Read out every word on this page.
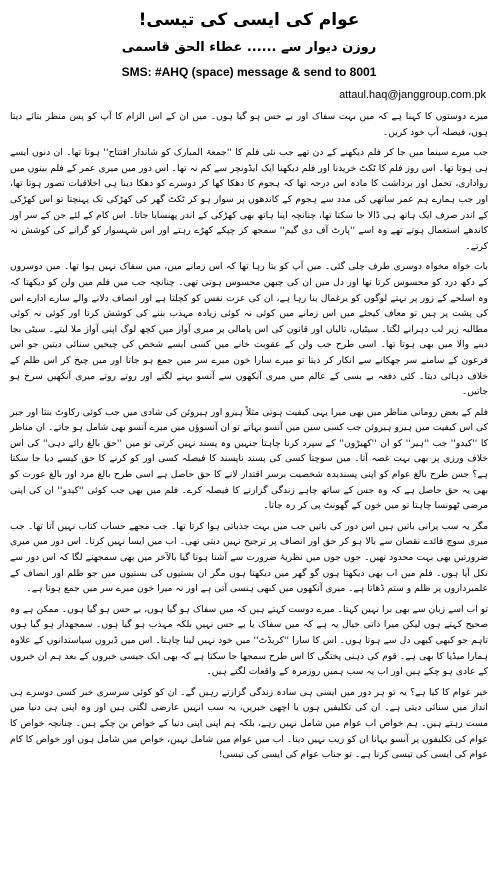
عوام کی ایسی کی تیسی!
روزن دیوار سے ...... عطاء الحق قاسمی
SMS: #AHQ (space) message & send to 8001
attaul.haq@janggroup.com.pk

میرے دوستوں کا کہنا ہے کہ میں بہت سفاک اور بے حس ہو گیا ہوں۔ میں ان کے اس الزام کا آپ کو پس منظر بتائے دیتا ہوں، فیصلہ آپ خود کریں۔

جب میرے سینما میں جا کر فلم دیکھنے کے دن تھے جب نئی فلم کا ''جمعۃ المبارک کو شاندار افتتاح'' ہوتا تھا۔ ان دنوں ایسے ہی ہوتا تھا۔ اس روز فلم کا ٹکٹ خریدنا اور فلم دیکھنا ایک ایڈونچر سے کم نہ تھا۔ اس دور میں میری عمر کے فلم بینوں میں رواداری، تحمل اور برداشت کا مادہ اس درجہ تھا کہ ہجوم کا دھکا کھا کر دوسرے کو دھکا دینا ہی اخلاقیات تصور ہوتا تھا، اور جب ہمارے ہم عمر ساتھی کی مدد سے ہجوم کے کاندھوں پر سوار ہو کر ٹکٹ گھر کی کھڑکی تک پہنچتا تو اس کھڑکی کے اندر صرف ایک ہاتھ ہی ڈالا جا سکتا تھا، چنانچہ اپنا ہاتھ بھی کھڑکی کے اندر پھنسایا جاتا۔ اس کام کے لئے جن کے سر اور کاندھے استعمال ہوتے تھے وہ اسے ''پارٹ آف دی گیم'' سمجھ کر چپکے کھڑے رہتے اور اس شہسوار کو گرانے کی کوشش نہ کرتے۔

بات خواہ مخواہ دوسری طرف چلی گئی۔ میں آپ کو بتا رہا تھا کہ اس زمانے میں، میں سفاک نہیں ہوا تھا۔ میں دوسروں کے دکھ درد کو محسوس کرتا تھا اور دل میں ان کی چبھن محسوس ہوتی تھی۔ چنانچہ جب میں فلم میں ولن کو دیکھتا کہ وہ اسلحے کے زور پر نہتے لوگوں کو یرغمال بنا رہا ہے، ان کی عزت نفس کو کچلتا ہے اور انصاف دلانے والے سارے ادارے اس کی پشت پر ہیں تو معاف کیجئے میں اس زمانے میں کوئی نہ کوئی زیادہ مہذب بننے کی کوشش کرتا اور کوئی نہ کوئی مطالبہ زیر لب دہرانے لگتا۔ سیٹیاں، تالیاں اور قانون کی اس پامالی پر میری آواز میں کچھ لوگ اپنی آواز ملا لیتے۔ سیٹی بجا دینے والا میں بھی ہوتا تھا۔ اسی طرح جب ولن کے عقوبت خانے میں کسی ایسے شخص کی چیخیں سنائی دیتیں جو اس فرعون کے سامنے سر جھکانے سے انکار کر دیتا تو میرے سارا خون میرے سر میں جمع ہو جاتا اور میں چیخ کر اس ظلم کے خلاف دہائی دیتا۔ کئی دفعہ بے بسی کے عالم میں میری آنکھوں سے آنسو بہنے لگتے اور روتے روتے میری آنکھیں سرخ ہو جاتیں۔

فلم کے بعض رومانی مناظر میں بھی میرا یہی کیفیت ہوتی مثلاً ہیرو اور ہیروئن کی شادی میں جب کوئی رکاوٹ بنتا اور جبر کی اس کیفیت میں ہیرو ہیروئن جب کسی سین میں آنسو بہاتے تو ان آنسوؤں میں میرے آنسو بھی شامل ہو جاتے۔ ان مناظر کا ''کیدو'' جب ''ہیر'' کو ان ''کھیڑوں'' کے سپرد کرنا چاہتا جنہیں وہ پسند نہیں کرتی تو میں ''حق بالغ رائے دہی'' کی اس خلاف ورزی پر بھی بہت غصہ آتا۔ میں سوچتا کسی کی پسند ناپسند کا فیصلہ کسی اور کو کرنے کا حق کیسے دیا جا سکتا ہے؟ جس طرح بالغ عوام کو اپنی پسندیدہ شخصیت برسر اقتدار لانے کا حق حاصل ہے اسی طرح بالغ مرد اور بالغ عورت کو بھی یہ حق حاصل ہے کہ وہ جس کے ساتھ چاہے زندگی گزارنے کا فیصلہ کرے۔ فلم میں بھی جب کوئی ''کیدو'' ان کی اپنی مرضی ٹھونسا چاہتا تو میں خون کے گھونٹ پی کر رہ جاتا۔

مگر یہ سب پرانی باتیں ہیں اس دور کی باتیں جب میں بہت جذباتی ہوا کرتا تھا۔ جب مجھے حساب کتاب نہیں آتا تھا۔ جب میری سوچ فائدے نقصان سے بالا ہو کر حق اور انصاف پر ترجیح نہیں دیتی تھی۔ اب میں ایسا نہیں کرتا۔ اس دور میں میری ضرورتیں بھی بہت محدود تھیں۔ جوں جوں میں نظریۂ ضرورت سے آشنا ہوتا گیا بالآخر میں بھی سمجھنے لگا کہ اس دور سے نکل آیا ہوں۔ فلم میں اب بھی دیکھتا ہوں گو گھر میں دیکھتا ہوں مگر ان بستیوں کی بستیوں میں جو ظلم اور انصاف کے علمبرداروں پر ظلم و ستم ڈھاتا ہے۔ میری آنکھوں میں کبھی ہنسی آتی ہے اور نہ میرا خون میرے سر میں جمع ہوتا ہے۔

تو اب اسے زبان سے بھی برا نہیں کہتا۔ میرے دوست کہتے ہیں کہ میں سفاک ہو گیا ہوں، بے حس ہو گیا ہوں۔ ممکن ہے وہ صحیح کہتے ہوں لیکن میرا ذاتی خیال یہ ہے کہ میں سفاک یا بے حس نہیں بلکہ مہذب ہو گیا ہوں۔ سمجھدار ہو گیا ہوں تاہم جو کبھی کبھی دل سے ہوتا ہوں۔ اس کا سارا ''کریڈٹ'' میں خود نہیں لینا چاہتا۔ اس میں ڈیروں سیاستدانوں کے علاوہ ہمارا میڈیا کا بھی ہے۔ قوم کی ذہنی پختگی کا اس طرح سمجھا جا سکتا ہے کہ بھی ایک جیسی خبروں کے بعد ہم ان خبروں کے عادی ہو چکے ہیں اور اب یہ سب ہمیں روزمرہ کے واقعات لگتے ہیں۔

خیر عوام کا کیا ہے؟ یہ تو ہر دور میں ایسی ہی سادہ زندگی گزارتے رہیں گے۔ ان کو کوئی سرسری خبر کسی دوسرے ہی انداز میں سنائی دیتی ہے۔ ان کی تکلیفیں ہوں یا اچھی خبریں، یہ سب انہیں عارضی لگتی ہیں اور وہ اپنی ہی دنیا میں مست رہتے ہیں۔ ہم خواص اب عوام میں شامل نہیں رہے، بلکہ ہم اپنی اپنی دنیا کے خواص بن چکے ہیں۔ چنانچہ خواص کا عوام کی تکلیفوں پر آنسو بہانا ان کو زیب نہیں دیتا۔ اب میں عوام میں شامل نہیں، خواص میں شامل ہوں اور خواص کا کام عوام کی ایسی کی تیسی کرنا ہے۔ تو جناب عوام کی ایسی کی تیسی!
